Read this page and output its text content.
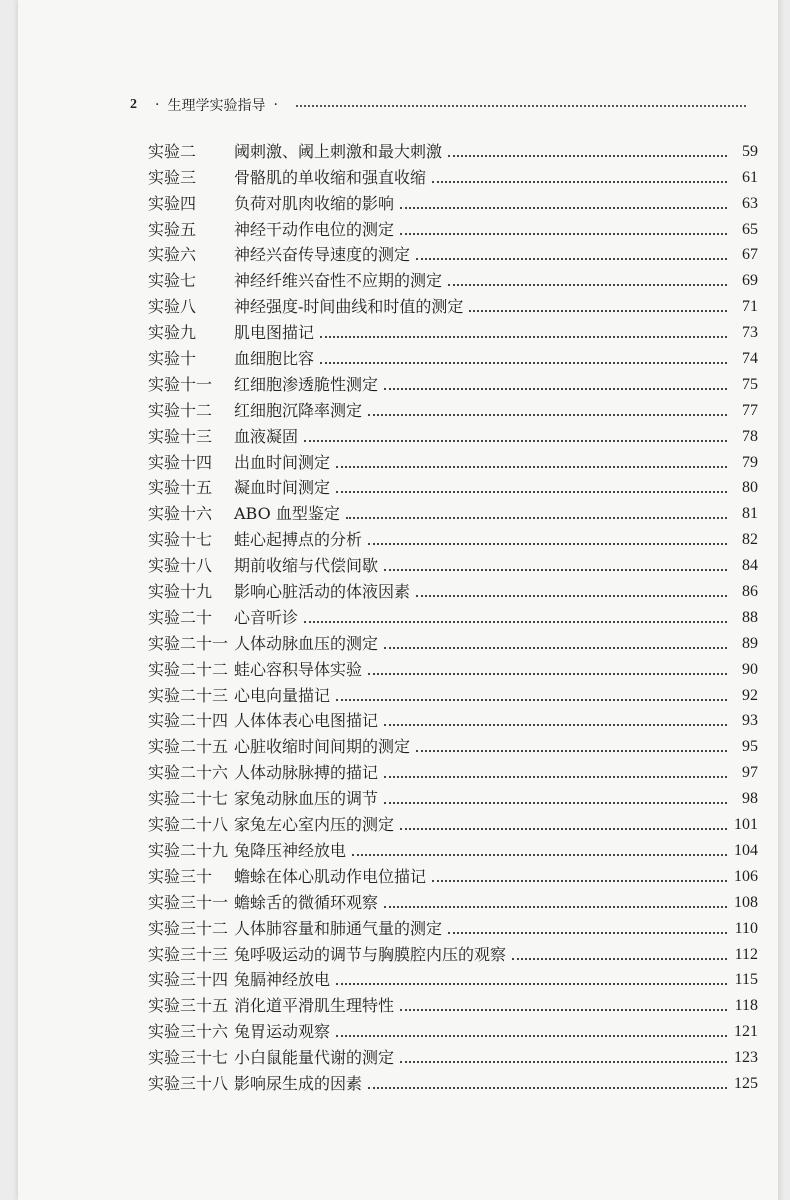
2 · 生理学实验指导 ·
实验二	阈刺激、阈上刺激和最大刺激	59
实验三	骨骼肌的单收缩和强直收缩	61
实验四	负荷对肌肉收缩的影响	63
实验五	神经干动作电位的测定	65
实验六	神经兴奋传导速度的测定	67
实验七	神经纤维兴奋性不应期的测定	69
实验八	神经强度-时间曲线和时值的测定	71
实验九	肌电图描记	73
实验十	血细胞比容	74
实验十一	红细胞渗透脆性测定	75
实验十二	红细胞沉降率测定	77
实验十三	血液凝固	78
实验十四	出血时间测定	79
实验十五	凝血时间测定	80
实验十六	ABO 血型鉴定	81
实验十七	蛙心起搏点的分析	82
实验十八	期前收缩与代偿间歇	84
实验十九	影响心脏活动的体液因素	86
实验二十	心音听诊	88
实验二十一 人体动脉血压的测定	89
实验二十二 蛙心容积导体实验	90
实验二十三 心电向量描记	92
实验二十四 人体体表心电图描记	93
实验二十五 心脏收缩时间间期的测定	95
实验二十六 人体动脉脉搏的描记	97
实验二十七 家兔动脉血压的调节	98
实验二十八 家兔左心室内压的测定	101
实验二十九 兔降压神经放电	104
实验三十	蟾蜍在体心肌动作电位描记	106
实验三十一 蟾蜍舌的微循环观察	108
实验三十二 人体肺容量和肺通气量的测定	110
实验三十三 兔呼吸运动的调节与胸膜腔内压的观察	112
实验三十四 兔膈神经放电	115
实验三十五 消化道平滑肌生理特性	118
实验三十六 兔胃运动观察	121
实验三十七 小白鼠能量代谢的测定	123
实验三十八 影响尿生成的因素	125
